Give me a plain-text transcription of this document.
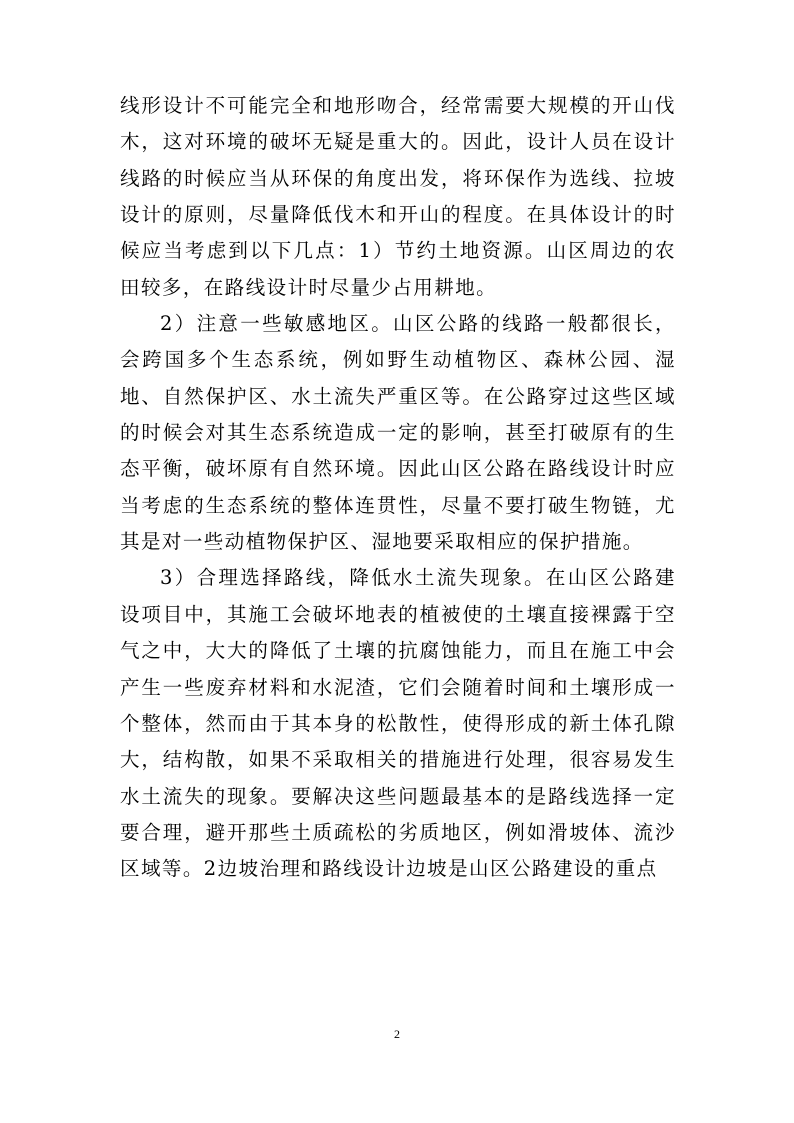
线形设计不可能完全和地形吻合，经常需要大规模的开山伐木，这对环境的破坏无疑是重大的。因此，设计人员在设计线路的时候应当从环保的角度出发，将环保作为选线、拉坡设计的原则，尽量降低伐木和开山的程度。在具体设计的时候应当考虑到以下几点：1）节约土地资源。山区周边的农田较多，在路线设计时尽量少占用耕地。

2）注意一些敏感地区。山区公路的线路一般都很长，会跨国多个生态系统，例如野生动植物区、森林公园、湿地、自然保护区、水土流失严重区等。在公路穿过这些区域的时候会对其生态系统造成一定的影响，甚至打破原有的生态平衡，破坏原有自然环境。因此山区公路在路线设计时应当考虑的生态系统的整体连贯性，尽量不要打破生物链，尤其是对一些动植物保护区、湿地要采取相应的保护措施。

3）合理选择路线，降低水土流失现象。在山区公路建设项目中，其施工会破坏地表的植被使的土壤直接裸露于空气之中，大大的降低了土壤的抗腐蚀能力，而且在施工中会产生一些废弃材料和水泥渣，它们会随着时间和土壤形成一个整体，然而由于其本身的松散性，使得形成的新土体孔隙大，结构散，如果不采取相关的措施进行处理，很容易发生水土流失的现象。要解决这些问题最基本的是路线选择一定要合理，避开那些土质疏松的劣质地区，例如滑坡体、流沙区域等。2边坡治理和路线设计边坡是山区公路建设的重点

2
